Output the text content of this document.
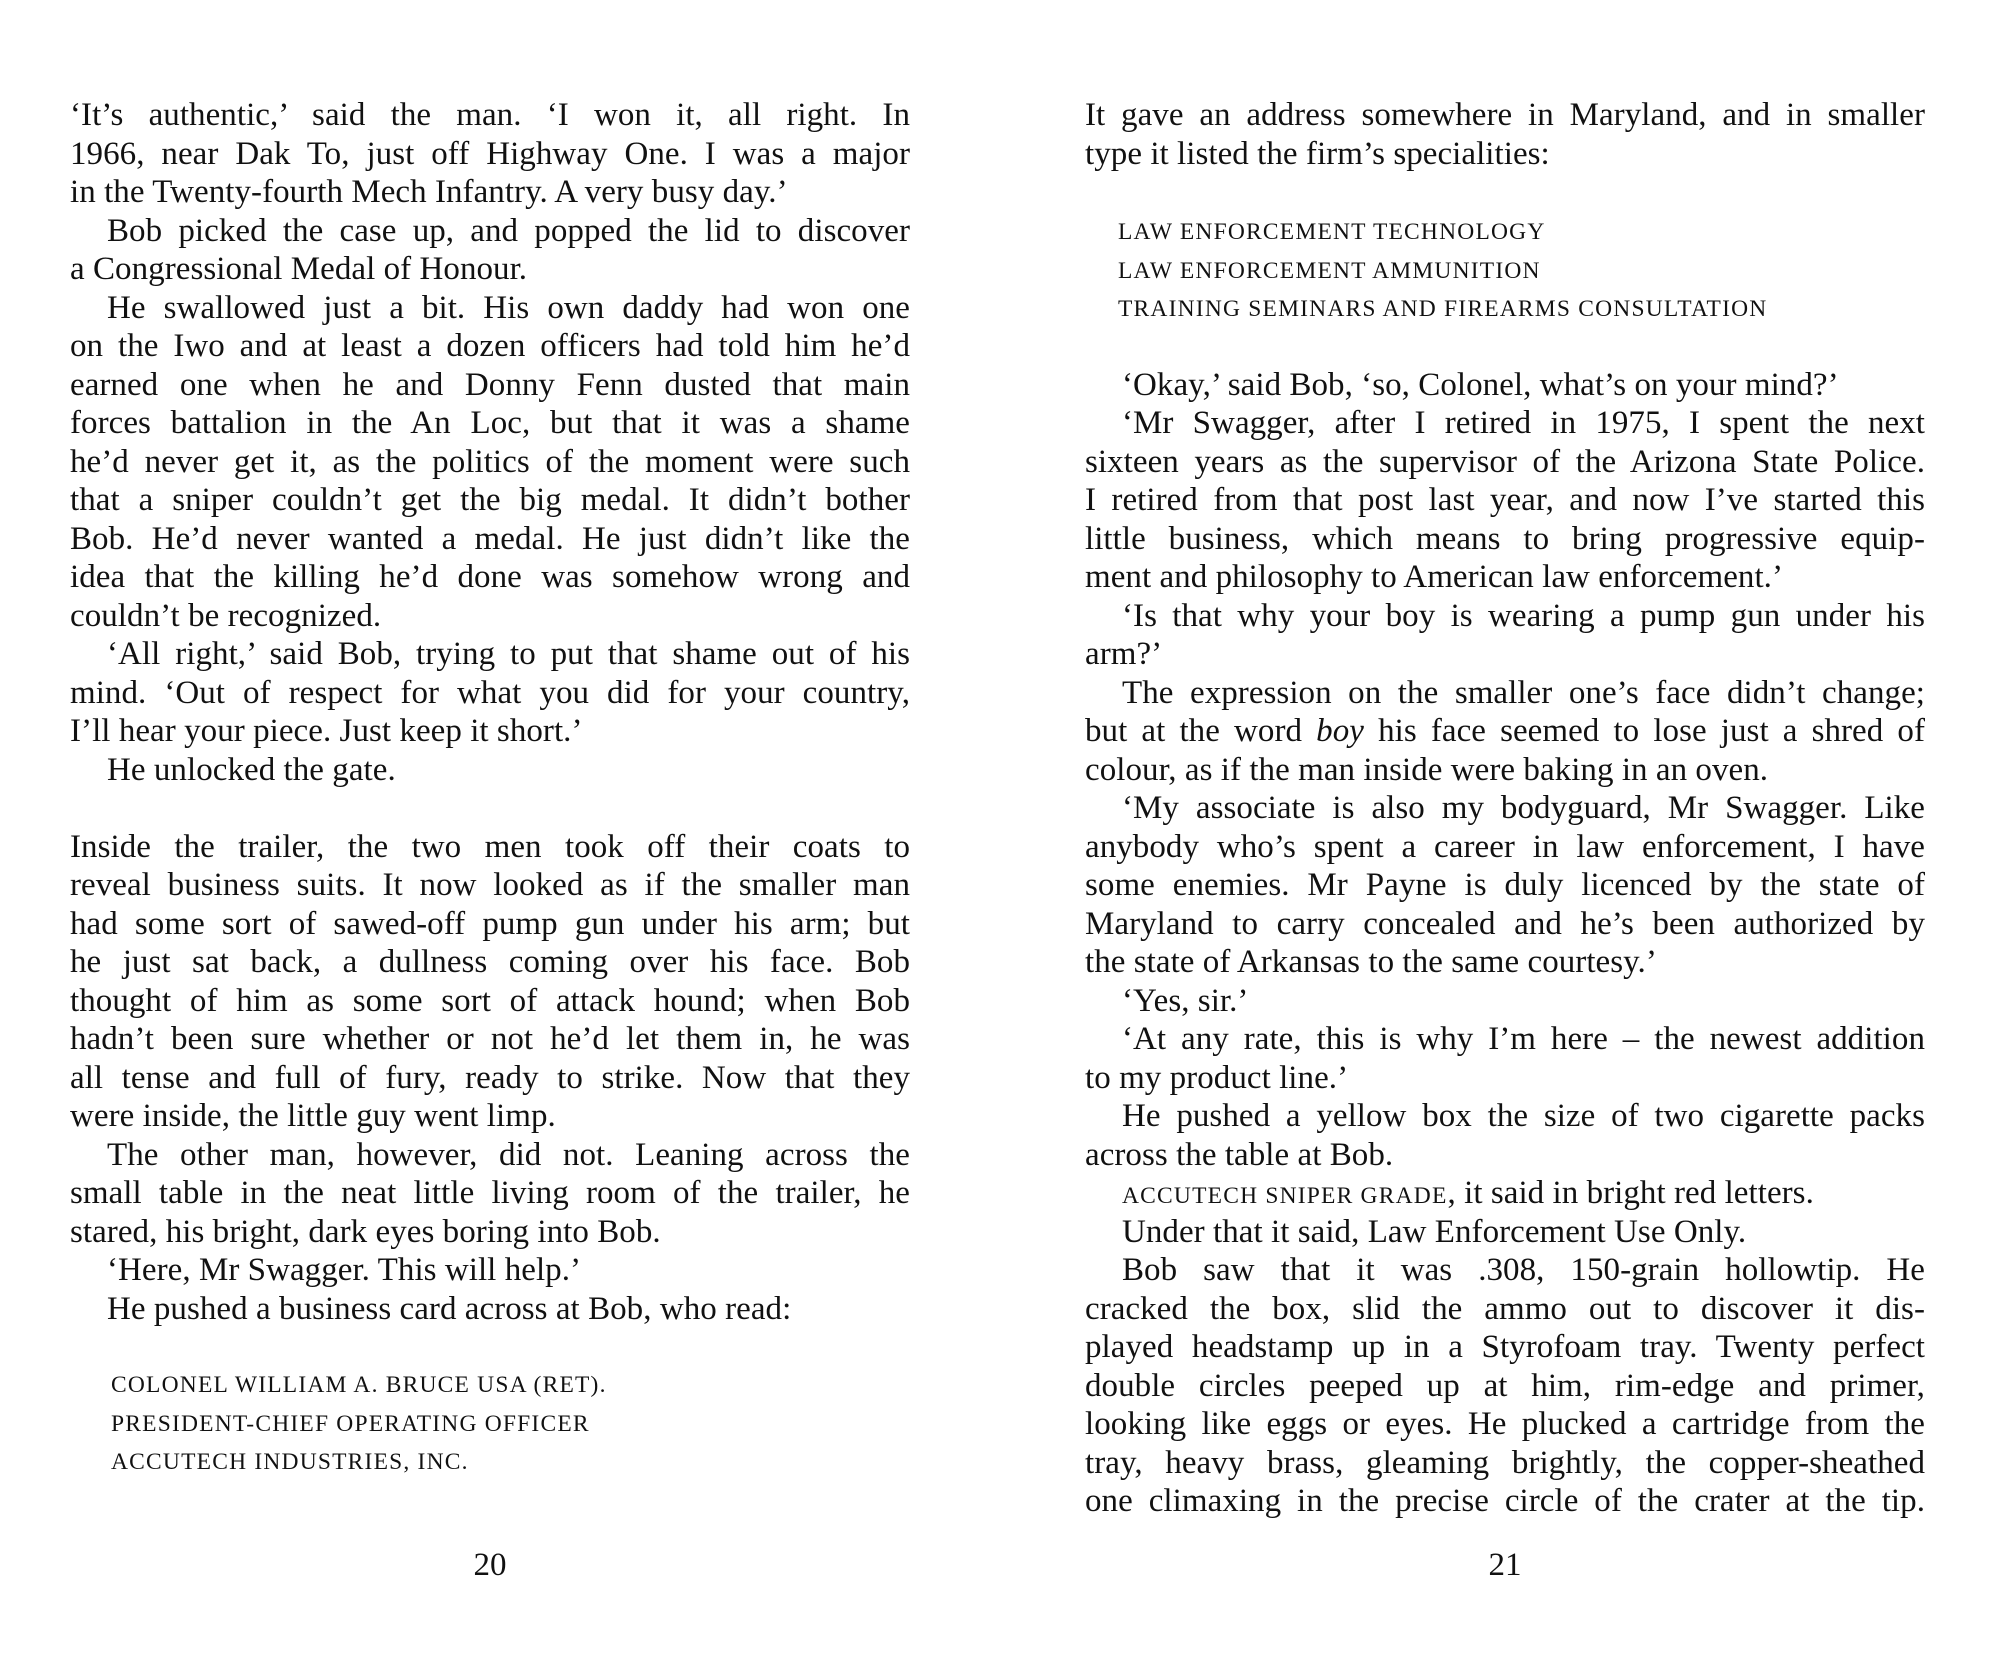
‘It’s authentic,’ said the man. ‘I won it, all right. In
1966, near Dak To, just off Highway One. I was a major
in the Twenty-fourth Mech Infantry. A very busy day.’
Bob picked the case up, and popped the lid to discover
a Congressional Medal of Honour.
He swallowed just a bit. His own daddy had won one
on the Iwo and at least a dozen officers had told him he’d
earned one when he and Donny Fenn dusted that main
forces battalion in the An Loc, but that it was a shame
he’d never get it, as the politics of the moment were such
that a sniper couldn’t get the big medal. It didn’t bother
Bob. He’d never wanted a medal. He just didn’t like the
idea that the killing he’d done was somehow wrong and
couldn’t be recognized.
‘All right,’ said Bob, trying to put that shame out of his
mind. ‘Out of respect for what you did for your country,
I’ll hear your piece. Just keep it short.’
He unlocked the gate.
Inside the trailer, the two men took off their coats to
reveal business suits. It now looked as if the smaller man
had some sort of sawed-off pump gun under his arm; but
he just sat back, a dullness coming over his face. Bob
thought of him as some sort of attack hound; when Bob
hadn’t been sure whether or not he’d let them in, he was
all tense and full of fury, ready to strike. Now that they
were inside, the little guy went limp.
The other man, however, did not. Leaning across the
small table in the neat little living room of the trailer, he
stared, his bright, dark eyes boring into Bob.
‘Here, Mr Swagger. This will help.’
He pushed a business card across at Bob, who read:
COLONEL WILLIAM A. BRUCE USA (RET).
PRESIDENT-CHIEF OPERATING OFFICER
ACCUTECH INDUSTRIES, INC.
20
It gave an address somewhere in Maryland, and in smaller
type it listed the firm’s specialities:
LAW ENFORCEMENT TECHNOLOGY
LAW ENFORCEMENT AMMUNITION
TRAINING SEMINARS AND FIREARMS CONSULTATION
‘Okay,’ said Bob, ‘so, Colonel, what’s on your mind?’
‘Mr Swagger, after I retired in 1975, I spent the next
sixteen years as the supervisor of the Arizona State Police.
I retired from that post last year, and now I’ve started this
little business, which means to bring progressive equip-
ment and philosophy to American law enforcement.’
‘Is that why your boy is wearing a pump gun under his
arm?’
The expression on the smaller one’s face didn’t change;
but at the word boy his face seemed to lose just a shred of
colour, as if the man inside were baking in an oven.
‘My associate is also my bodyguard, Mr Swagger. Like
anybody who’s spent a career in law enforcement, I have
some enemies. Mr Payne is duly licenced by the state of
Maryland to carry concealed and he’s been authorized by
the state of Arkansas to the same courtesy.’
‘Yes, sir.’
‘At any rate, this is why I’m here – the newest addition
to my product line.’
He pushed a yellow box the size of two cigarette packs
across the table at Bob.
ACCUTECH SNIPER GRADE, it said in bright red letters.
Under that it said, Law Enforcement Use Only.
Bob saw that it was .308, 150-grain hollowtip. He
cracked the box, slid the ammo out to discover it dis-
played headstamp up in a Styrofoam tray. Twenty perfect
double circles peeped up at him, rim-edge and primer,
looking like eggs or eyes. He plucked a cartridge from the
tray, heavy brass, gleaming brightly, the copper-sheathed
one climaxing in the precise circle of the crater at the tip.
21
